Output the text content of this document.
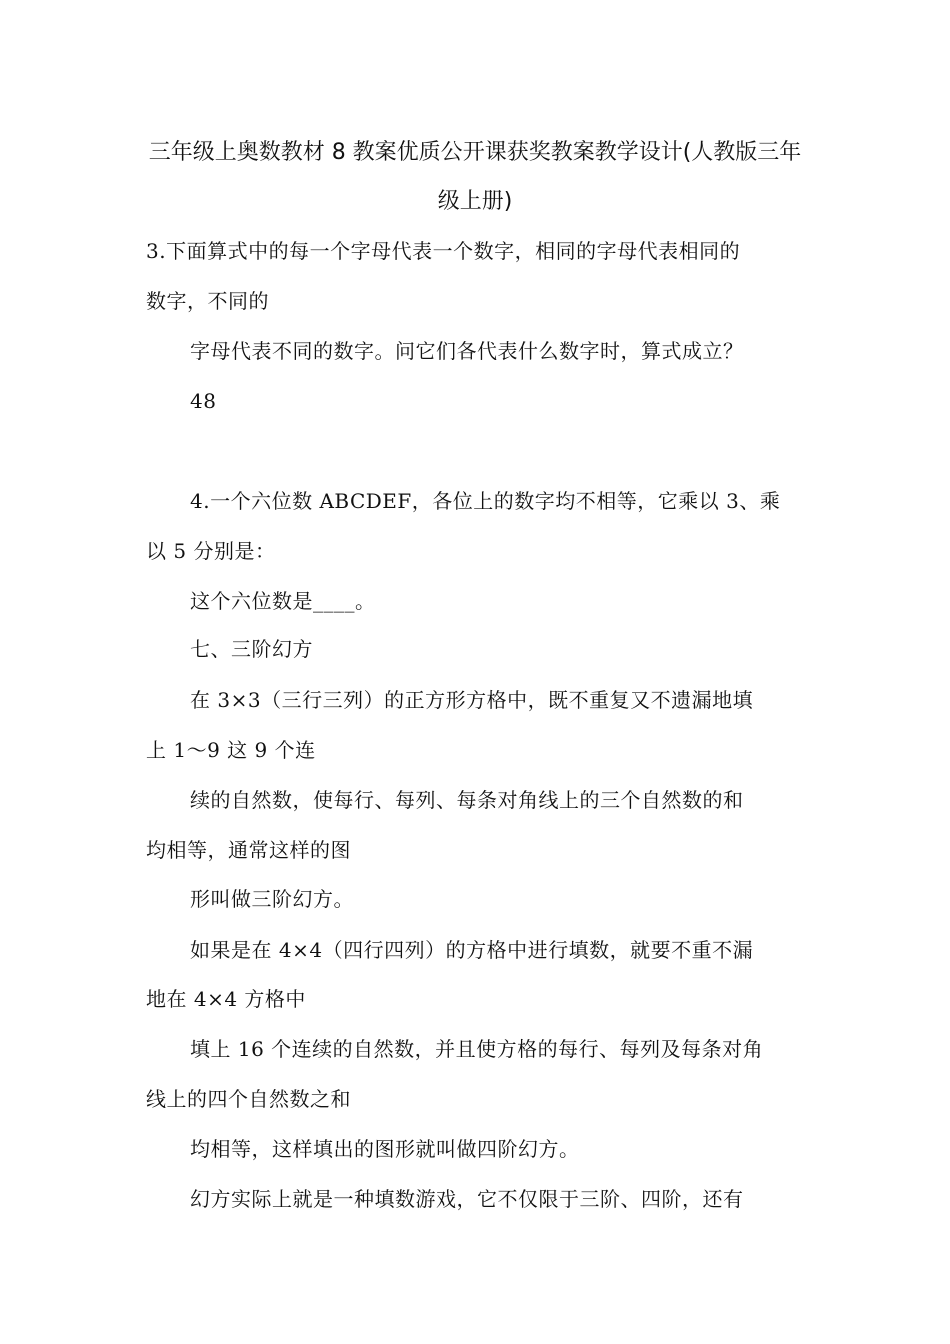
三年级上奥数教材 8 教案优质公开课获奖教案教学设计(人教版三年
级上册)
3.下面算式中的每一个字母代表一个数字，相同的字母代表相同的
数字，不同的
字母代表不同的数字。问它们各代表什么数字时，算式成立？
48
4.一个六位数 ABCDEF，各位上的数字均不相等，它乘以 3、乘
以 5 分别是：
这个六位数是____。
七、三阶幻方
在 3×3（三行三列）的正方形方格中，既不重复又不遗漏地填
上 1～9 这 9 个连
续的自然数，使每行、每列、每条对角线上的三个自然数的和
均相等，通常这样的图
形叫做三阶幻方。
如果是在 4×4（四行四列）的方格中进行填数，就要不重不漏
地在 4×4 方格中
填上 16 个连续的自然数，并且使方格的每行、每列及每条对角
线上的四个自然数之和
均相等，这样填出的图形就叫做四阶幻方。
幻方实际上就是一种填数游戏，它不仅限于三阶、四阶，还有
